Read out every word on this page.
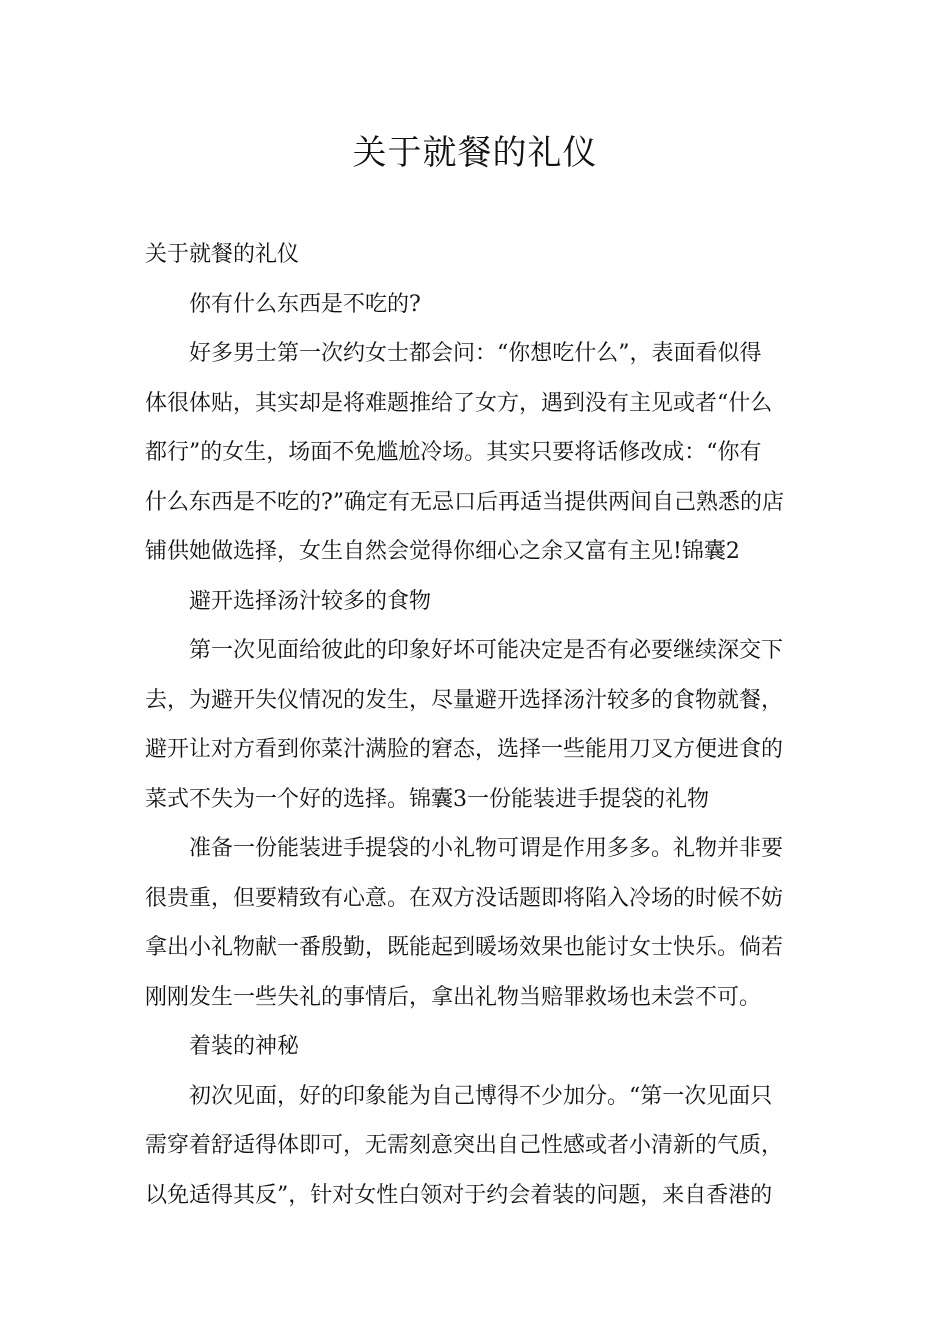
关于就餐的礼仪
关于就餐的礼仪
你有什么东西是不吃的?
好多男士第一次约女士都会问：“你想吃什么”，表面看似得
体很体贴，其实却是将难题推给了女方，遇到没有主见或者“什么
都行”的女生，场面不免尴尬冷场。其实只要将话修改成：“你有
什么东西是不吃的?”确定有无忌口后再适当提供两间自己熟悉的店
铺供她做选择，女生自然会觉得你细心之余又富有主见!锦囊2
避开选择汤汁较多的食物
第一次见面给彼此的印象好坏可能决定是否有必要继续深交下
去，为避开失仪情况的发生，尽量避开选择汤汁较多的食物就餐，
避开让对方看到你菜汁满脸的窘态，选择一些能用刀叉方便进食的
菜式不失为一个好的选择。锦囊3一份能装进手提袋的礼物
准备一份能装进手提袋的小礼物可谓是作用多多。礼物并非要
很贵重，但要精致有心意。在双方没话题即将陷入冷场的时候不妨
拿出小礼物献一番殷勤，既能起到暖场效果也能讨女士快乐。倘若
刚刚发生一些失礼的事情后，拿出礼物当赔罪救场也未尝不可。
着装的神秘
初次见面，好的印象能为自己博得不少加分。“第一次见面只
需穿着舒适得体即可，无需刻意突出自己性感或者小清新的气质，
以免适得其反”，针对女性白领对于约会着装的问题，来自香港的
